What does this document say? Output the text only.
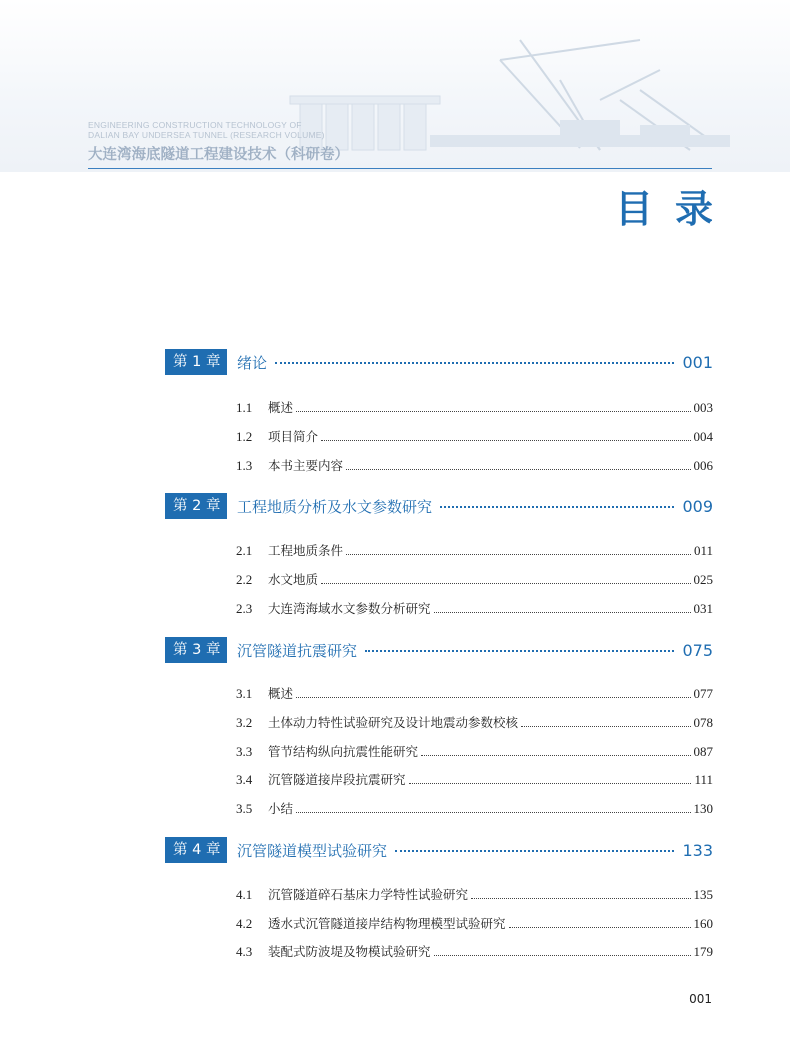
ENGINEERING CONSTRUCTION TECHNOLOGY OF
DALIAN BAY UNDERSEA TUNNEL (RESEARCH VOLUME)
大连湾海底隧道工程建设技术（科研卷）
目录
第 1 章	绪论	001
1.1	概述	003
1.2	项目简介	004
1.3	本书主要内容	006
第 2 章	工程地质分析及水文参数研究	009
2.1	工程地质条件	011
2.2	水文地质	025
2.3	大连湾海域水文参数分析研究	031
第 3 章	沉管隧道抗震研究	075
3.1	概述	077
3.2	土体动力特性试验研究及设计地震动参数校核	078
3.3	管节结构纵向抗震性能研究	087
3.4	沉管隧道接岸段抗震研究	111
3.5	小结	130
第 4 章	沉管隧道模型试验研究	133
4.1	沉管隧道碎石基床力学特性试验研究	135
4.2	透水式沉管隧道接岸结构物理模型试验研究	160
4.3	装配式防波堤及物模试验研究	179
001
